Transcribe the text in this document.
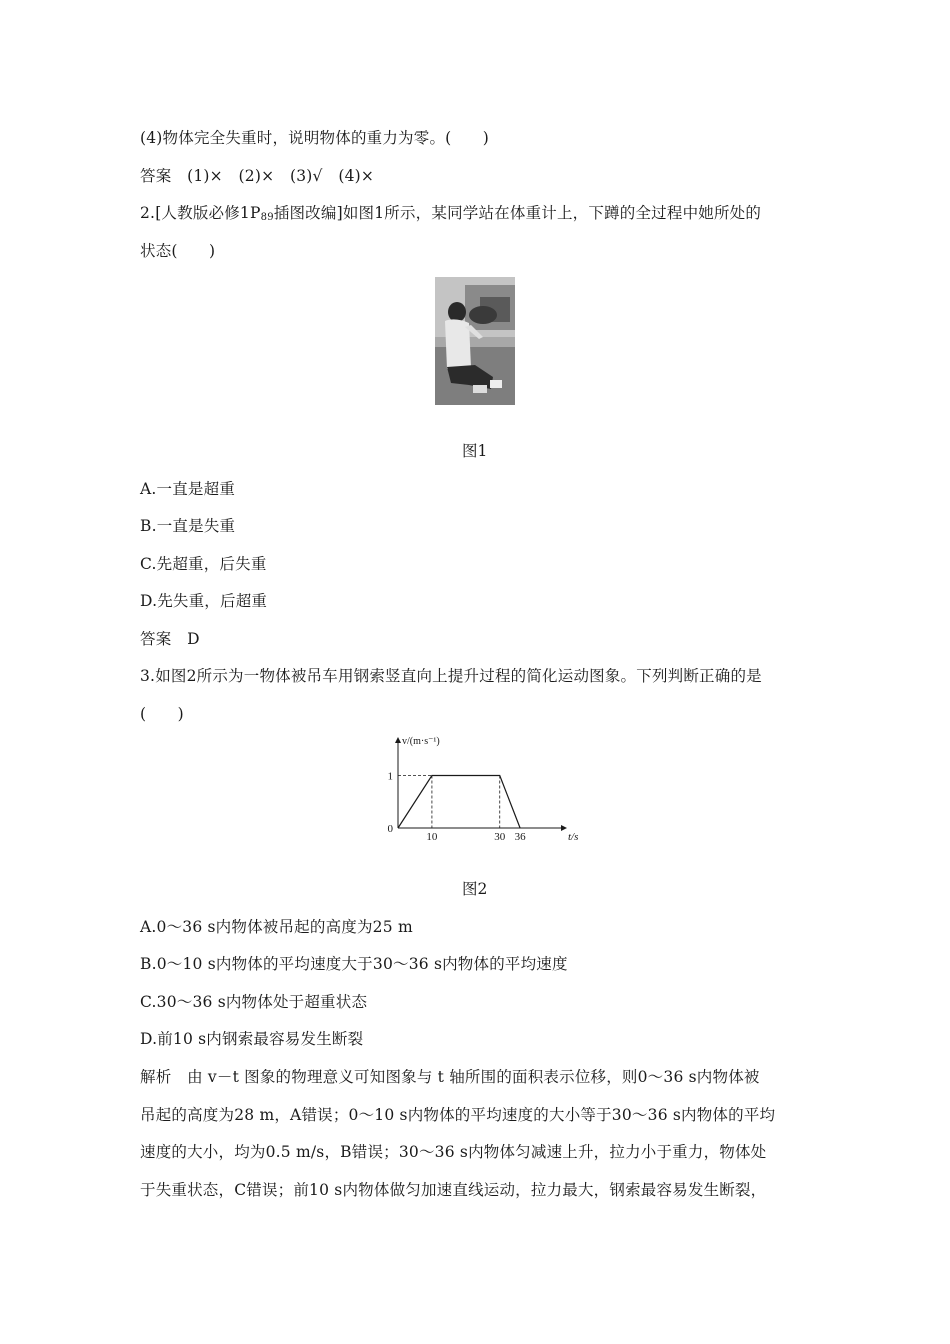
(4)物体完全失重时，说明物体的重力为零。(　　)
答案　(1)×　(2)×　(3)√　(4)×
2.[人教版必修$1P_{89}$插图改编]如图1所示，某同学站在体重计上，下蹲的全过程中她所处的
状态(　　)
图1
A.一直是超重
B.一直是失重
C.先超重，后失重
D.先失重，后超重
答案　D
3.如图2所示为一物体被吊车用钢索竖直向上提升过程的简化运动图象。下列判断正确的是
(　　)
10	30 36
1
0
t/s
v/(m·s⁻¹)
图2
A.0～36 s内物体被吊起的高度为25 m
B.0～10 s内物体的平均速度大于30～36 s内物体的平均速度
C.30～36 s内物体处于超重状态
D.前10 s内钢索最容易发生断裂
解析　由 v－t 图象的物理意义可知图象与 t 轴所围的面积表示位移，则0～36 s内物体被
吊起的高度为28 m，A错误；0～10 s内物体的平均速度的大小等于30～36 s内物体的平均
速度的大小，均为0.5 m/s，B错误；30～36 s内物体匀减速上升，拉力小于重力，物体处
于失重状态，C错误；前10 s内物体做匀加速直线运动，拉力最大，钢索最容易发生断裂，
